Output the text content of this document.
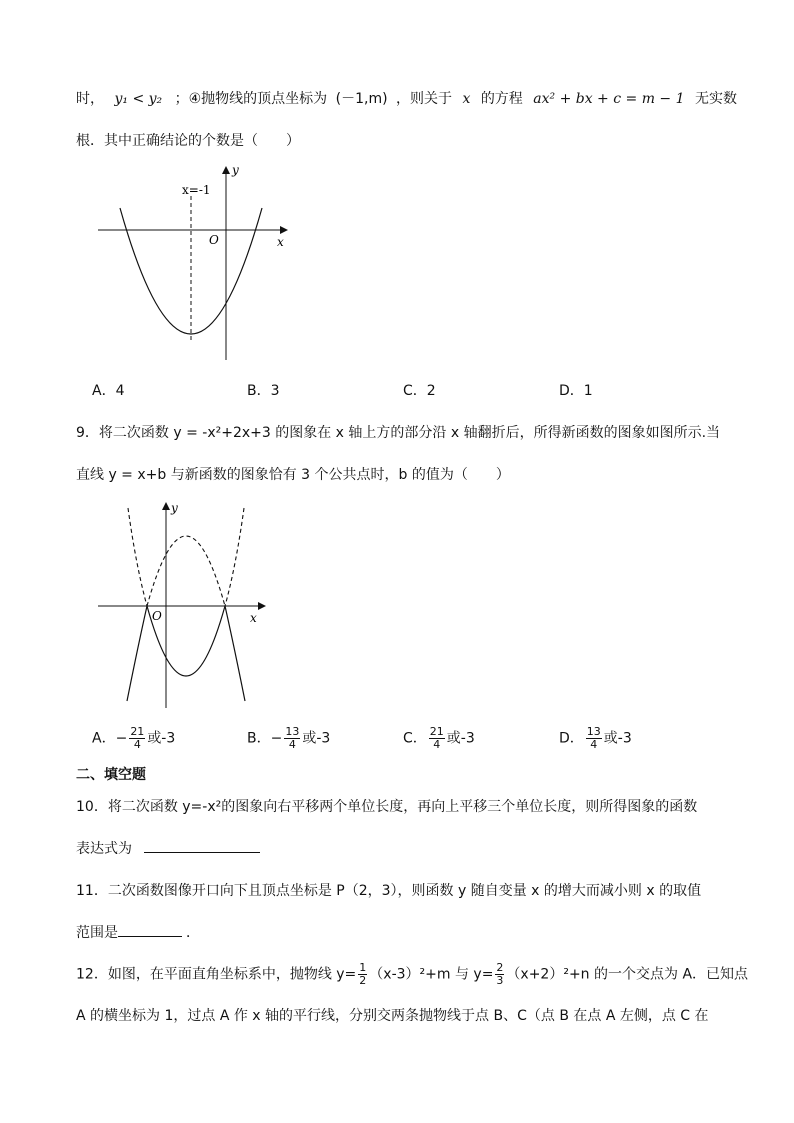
时， y₁ < y₂ ；④抛物线的顶点坐标为 (－1,m) ，则关于 x 的方程 ax² + bx + c = m − 1 无实数
根．其中正确结论的个数是（　　）
x=-1
O	x
y
A．4	B．3	C．2	D．1
9．将二次函数 y = -x²+2x+3 的图象在 x 轴上方的部分沿 x 轴翻折后，所得新函数的图象如图所示.当
直线 y = x+b 与新函数的图象恰有 3 个公共点时，b 的值为（　　）
O	x
y
A．− $\frac{21}{4}$ 或-3	B．− $\frac{13}{4}$ 或-3	C． $\frac{21}{4}$ 或-3	D． $\frac{13}{4}$ 或-3
二、填空题
10．将二次函数 y=-x²的图象向右平移两个单位长度，再向上平移三个单位长度，则所得图象的函数
表达式为
11．二次函数图像开口向下且顶点坐标是 P（2，3），则函数 y 随自变量 x 的增大而减小则 x 的取值
范围是	．
12．如图，在平面直角坐标系中，抛物线 $y= \frac{1}{2} (x-3)^2+m$ 与 $y= \frac{2}{3} (x+2)^2+n$ 的一个交点为 A．已知点
A 的横坐标为 1，过点 A 作 x 轴的平行线，分别交两条抛物线于点 B、C（点 B 在点 A 左侧，点 C 在
